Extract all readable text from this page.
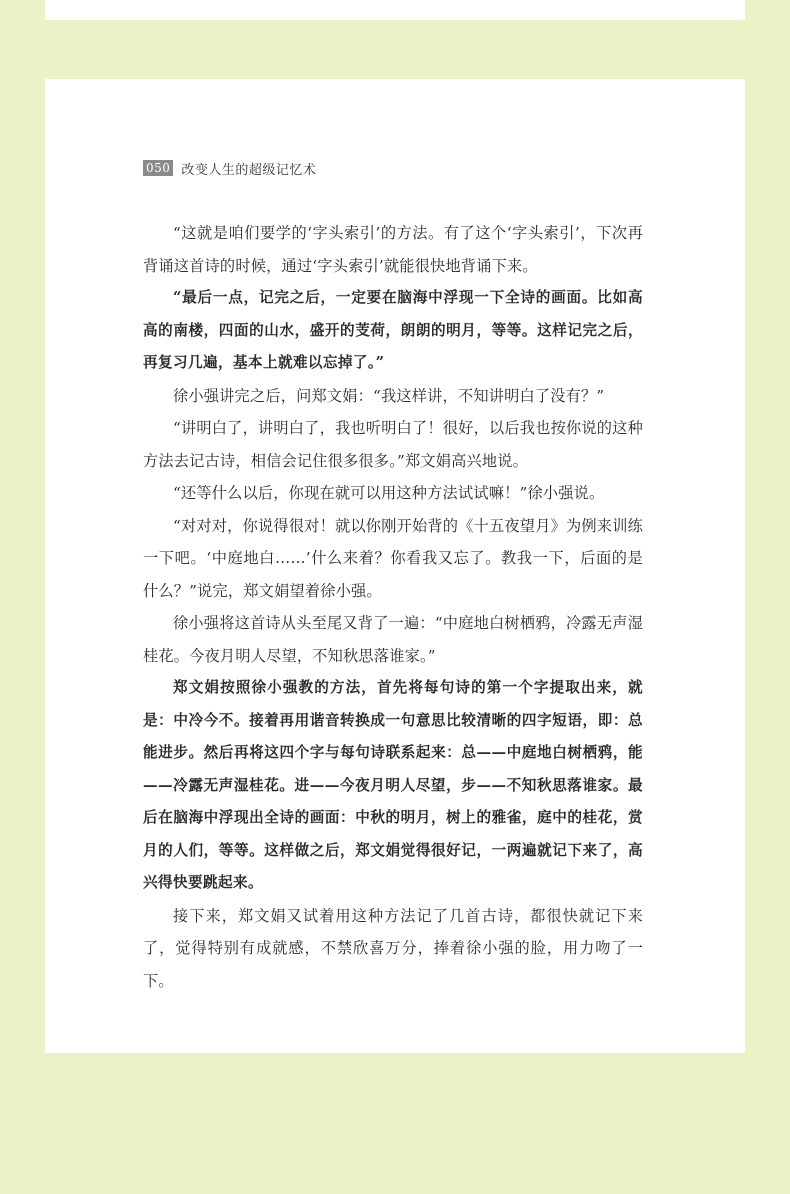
050 改变人生的超级记忆术

“这就是咱们要学的‘字头索引’的方法。有了这个‘字头索引’，下次再背诵这首诗的时候，通过‘字头索引’就能很快地背诵下来。

“最后一点，记完之后，一定要在脑海中浮现一下全诗的画面。比如高高的南楼，四面的山水，盛开的芰荷，朗朗的明月，等等。这样记完之后，再复习几遍，基本上就难以忘掉了。”

徐小强讲完之后，问郑文娟：“我这样讲，不知讲明白了没有？”

“讲明白了，讲明白了，我也听明白了！很好，以后我也按你说的这种方法去记古诗，相信会记住很多很多。”郑文娟高兴地说。

“还等什么以后，你现在就可以用这种方法试试嘛！”徐小强说。

“对对对，你说得很对！就以你刚开始背的《十五夜望月》为例来训练一下吧。‘中庭地白……’什么来着？你看我又忘了。教我一下，后面的是什么？”说完，郑文娟望着徐小强。

徐小强将这首诗从头至尾又背了一遍：“中庭地白树栖鸦，冷露无声湿桂花。今夜月明人尽望，不知秋思落谁家。”

郑文娟按照徐小强教的方法，首先将每句诗的第一个字提取出来，就是：中冷今不。接着再用谐音转换成一句意思比较清晰的四字短语，即：总能进步。然后再将这四个字与每句诗联系起来：总——中庭地白树栖鸦，能——冷露无声湿桂花。进——今夜月明人尽望，步——不知秋思落谁家。最后在脑海中浮现出全诗的画面：中秋的明月，树上的雅雀，庭中的桂花，赏月的人们，等等。这样做之后，郑文娟觉得很好记，一两遍就记下来了，高兴得快要跳起来。

接下来，郑文娟又试着用这种方法记了几首古诗，都很快就记下来了，觉得特别有成就感，不禁欣喜万分，捧着徐小强的脸，用力吻了一下。
